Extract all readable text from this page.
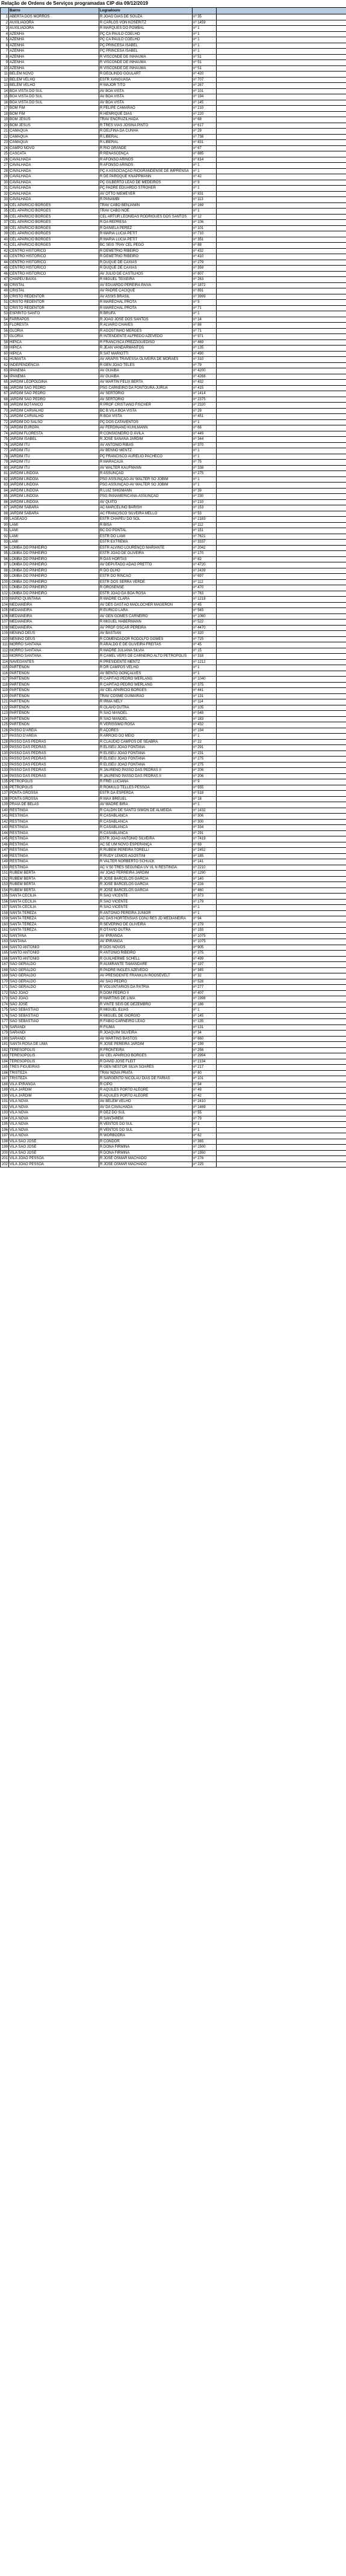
Relação de Ordens de Serviços programadas CIP dia 09/12/2019
	Bairro	Logradouro		
1	ABERTA DOS MORROS	R JOÃO DIAS DE SOUZA	nº 35	
2	AUXILIADORA	R CARLOS VON KOSERITZ	nº 1459	
3	AUXILIADORA	R MARQUES DO POMBAL	nº 1	
4	AZENHA	PÇ CA PAULO COELHO	nº 1	
5	AZENHA	PÇ CA PAULO COELHO	nº 1	
6	AZENHA	PÇ PRINCESA ISABEL	nº 1	
7	AZENHA	PÇ PRINCESA ISABEL	nº 1	
8	AZENHA	R VISCONDE DE INHAÚMA	nº 51	
9	AZENHA	R VISCONDE DE INHAÚMA	nº 51	
10	AZENHA	R VISCONDE DE INHAÚMA	nº 51	
11	BELÉM NOVO	R DEOLINDO GOULART	nº 420	
12	BELÉM VELHO	ESTR XANGUASA	nº 707	
13	BELÉM VELHO	R MAJOR TITO	nº 267	
14	BOA VISTA DO SUL	AV BOA VISTA	nº 101	
15	BOA VISTA DO SUL	AV BOA VISTA	nº 194	
16	BOA VISTA DO SUL	AV BOA VISTA	nº 145	
17	BOM FIM	R FELIPE CAMARÃO	nº 210	
18	BOM FIM	R HENRIQUE DIAS	nº 220	
19	BOM JESUS	TRAV ENCRUZILHADA	nº 68	
20	BOM JESUS	R TRES VIAS JOSINA PINTO	nº 617	
21	CAMAQUÃ	R DELFINA DA CUNHA	nº 29	
22	CAMAQUÃ	R LIBERAL	nº 738	
23	CAMAQUÃ	R LIBERAL	nº 831	
24	CAMPO NOVO	R RIO GRANDE	nº 67	
25	CASCATA	R RENASCENÇA	nº 885	
26	CAVALHADA	R AFONSO ARINOS	nº 814	
27	CAVALHADA	R AFONSO ARINOS	nº 1	
28	CAVALHADA	PÇ A ASSOCIAÇÃO RIOGRANDENSE DE IMPRENSA	nº 1	
29	CAVALHADA	R DE PAROQUE KNAPPMANN	nº 42	
30	CAVALHADA	PÇ GILBERTO LEÃO DE MEDEIROS	nº 9	
31	CAVALHADA	PÇ PADRE EDUARDO STROHER	nº 1	
32	CAVALHADA	AV OTTO NIEMEYER	nº 831	
33	CAVALHADA	R PANAMBI	nº 113	
34	CEL APARICIO BORGES	TRAV CABO BENJAMIN	nº 169	
35	CEL APARICIO BORGES	TRAV CABO NOÉ	nº 1	
36	CEL APARICIO BORGES	CEL ARTUR LEONIDAS RODRIGUES DOS SANTOS	nº 12	
37	CEL APARICIO BORGES	R DA REPRESA	nº 106	
38	CEL APARICIO BORGES	R DANIELA PEREZ	nº 101	
39	CEL APARICIO BORGES	R MARIA LUCIA PETIT	nº 710	
40	CEL APARICIO BORGES	R MARIA LUCIA PETIT	nº 351	
41	CEL APARICIO BORGES	BC SEIS TRAV CEL PEGO	nº 88	
42	CENTRO HISTÓRICO	R DEMETRIO RIBEIRO	nº 432	
43	CENTRO HISTÓRICO	R DEMETRIO RIBEIRO	nº 410	
44	CENTRO HISTÓRICO	R DUQUE DE CAXIAS	nº 279	
45	CENTRO HISTÓRICO	R DUQUE DE CAXIAS	nº 359	
46	CENTRO HISTÓRICO	AV JULIO DE CASTILHOS	nº 807	
47	CHAPÉU BAIXA	R MIGUEL TEIXEIRA	nº 263	
48	CRISTAL	AV EDUARDO PEREIRA PAIVA	nº 1872	
49	CRISTAL	AV PADRE CACIQUE	nº 891	
50	CRISTO REDENTOR	AV ASSIS BRASIL	nº 3999	
51	CRISTO REDENTOR	R MARECHAL PROTA	nº 5	
52	CRISTO REDENTOR	R MARECHAL PROTA	nº 71	
53	ESPIRITO SANTO	R BRUFA	nº 1	
54	FARRAPOS	R JOÃO JOSÉ DOS SANTOS	nº 14	
55	FLORESTA	R ALVARO CHAVES	nº 88	
56	GLÓRIA	R AGOSTINHO MERGES	nº 71	
57	GLÓRIA	R INTENDENTE ALFREDO AZEVEDO	nº 971	
58	HÍPICA	R FRANCISCA PREZZIGUEDISO	nº 469	
59	HÍPICA	R JEAN VANDARMANTOS	nº 135	
60	HÍPICA	R SAT MARIOTTI	nº 490	
61	HUMAITÁ	AV ARÁPIS TRAVESSA OLIVEIRA DE MORAES	nº 310	
62	INDEPENDÊNCIA	R GEN JOÃO TELES	nº 79	
63	IPANEMA	AV GUAÍBA	nº 4200	
64	IPANEMA	AV GUAÍBA	nº 4268	
65	JARDIM LEOPOLDINA	AV MARTIN FELIX BERTA	nº 432	
66	JARDIM SÃO PEDRO	PSG CARNEIRO DA FONTOURA-JURUA	nº 415	
67	JARDIM SÃO PEDRO	AV SERTÓRIO	nº 1414	
68	JARDIM SÃO PEDRO	AV SERTÓRIO	nº 2375	
69	JARDIM BOTÂNICO	R PROF CRISTIANO FISCHER	nº 2320	
70	JARDIM CARVALHO	BC B VILA BOA VISTA	nº 29	
71	JARDIM CARVALHO	R BOA VISTA	nº 451	
72	JARDIM DO SALSO	PÇ DOS CATAVENTOS	nº 1	
73	JARDIM EUROPA	AV FERDINAND KUHLMANN	nº 68	
74	JARDIM FLORESTA	R CONSIGNEIRO D ÁVILA	nº 449	
75	JARDIM ISABEL	R JOSÉ SANANA JARDIM	nº 344	
76	JARDIM ITU	AV ANTONIO RIBAS	nº 370	
77	JARDIM ITU	AV BENNO MENTZ	nº 1	
78	JARDIM ITU	PÇ FRANCISCO AURÉLIO PACHECO	nº 1	
79	JARDIM ITU	R MARACAJÁ	nº 75	
80	JARDIM ITU	AV WALTER KAUFMANN	nº 338	
81	JARDIM LINDÓIA	R ASSUNÇÃO	nº 275	
82	JARDIM LINDÓIA	PSG ASSUNÇÃO-AV WALTER SÓ JOBIM	nº 1	
83	JARDIM LINDÓIA	PSG ASSUNÇÃO-AV WALTER SÓ JOBIM	nº 1	
84	JARDIM LINDÓIA	R LUIZ SHIGMANN	nº 39	
85	JARDIM LINDÓIA	PSG PANAMERICANA-ASSUNÇÃO	nº 230	
86	JARDIM LINDÓIA	AV QUITO	nº 210	
87	JARDIM SABARÁ	AC MARCELINO BARISH	nº 153	
88	JARDIM SABARÁ	AC FRANCISCO SILVEIRA MELLO	nº 53	
89	LAGEADO	ESTR CHAPÉU DO SOL	nº 2183	
90	LAMI	R BISA	nº 112	
91	LAMI	BC DO PONTAL	nº 151	
92	LAMI	ESTR DO LAMI	nº 7621	
93	LAMI	ESTR EXTREMA	nº 3337	
94	LOMBA DO PINHEIRO	ESTR ALVINO LOURENÇO MARIANTE	nº 2042	
95	LOMBA DO PINHEIRO	ESTR JOÃO DE OLIVEIRA	nº 170	
96	LOMBA DO PINHEIRO	R DAS HORTAS	nº 82	
97	LOMBA DO PINHEIRO	AV DEPUTADO ADÃO PRETTO	nº 4720	
98	LOMBA DO PINHEIRO	R DO OLHO	nº 2439	
99	LOMBA DO PINHEIRO	ESTR DO RINCÃO	nº 697	
100	LOMBA DO PINHEIRO	ESTR DOS SERRA VERDE	nº 112	
101	LOMBA DO PINHEIRO	R OROSENSE	nº 470	
102	LOMBA DO PINHEIRO	ESTR JOÃO DA BOA ROSA	nº 763	
103	MARIO QUINTANA	R MADRE CLARA	nº 1218	
104	MEDIANEIRA	AV DES GASTÃO MADLOCHER MAGERON	nº 45	
105	MEDIANEIRA	R EURICO LARA	nº 545	
106	MEDIANEIRA	AV GEN GOMES CARNEIRO	nº 1060	
107	MEDIANEIRA	R MIGUEL HABERMANN	nº 522	
108	MEDIANEIRA	AV PROF OSCAR PEREIRA	nº 4470	
109	MENINO DEUS	AV BASTIAN	nº 320	
110	MENINO DEUS	R COMENDADOR RODOLFO GOMES	nº 725	
111	MORRO SANTANA	R ARALDO E DE OLIVEIRA FREITAS	nº 45	
112	MORRO SANTANA	R MADRE JULIANA SILVIA	nº 15	
113	MORRO SANTANA	R CAMEL VERS DE CARNEIRO ALTO PETRÓPOLIS	nº 318	
114	NAVEGANTES	R PRESIDENTE MENTZ	nº 1212	
115	PARTENON	R DR CAMPOS VELHO	nº 1	
116	PARTENON	AV BENTO GONÇALVES	nº 1	
117	PARTENON	R CAPITÃO PEDRO WERLANG	nº 1040	
118	PARTENON	R CAPITÃO PEDRO WERLANG	nº 375	
119	PARTENON	AV CEL APARICIO BORGES	nº 441	
120	PARTENON	TRAV COSME GUIMARÃO	nº 131	
121	PARTENON	R IRMÃ NELY	nº 114	
122	PARTENON	R OLAVO DUTRA	nº 105	
123	PARTENON	R SÃO MANOEL	nº 548	
124	PARTENON	R SÃO MANOEL	nº 183	
125	PARTENON	R VERISSIMO ROSA	nº 432	
126	PASSO D'AREIA	R AÇORES	nº 194	
127	PASSO D'AREIA	R ARROIO DO MEIO	nº 1	
128	PASSO DAS PEDRAS	R CLÁUDIO CAMPOS DE SEABRA	nº 22	
129	PASSO DAS PEDRAS	R ELISEU JOÃO FONTANA	nº 291	
130	PASSO DAS PEDRAS	R ELISEU JOÃO FONTANA	nº 231	
131	PASSO DAS PEDRAS	R ELISEU JOÃO FONTANA	nº 275	
132	PASSO DAS PEDRAS	R ELISEU JOÃO FONTANA	nº 275	
133	PASSO DAS PEDRAS	R JAURENO PASSO DAS PEDRAS II	nº 206	
134	PASSO DAS PEDRAS	R JAURENO PASSO DAS PEDRAS II	nº 206	
135	PETRÓPOLIS	R FREI LUCIANA	nº 9	
136	PETRÓPOLIS	R ROMULO TELLES PESSOA	nº 555	
137	PONTA GROSSA	ESTR DA ESPERDA	nº 518	
138	PONTA GROSSA	R MAX BREUEL	nº 18	
139	PRAIA DE BELAS	AV MADRE BIRA	nº 1	
140	RESTINGA	R CALDIN DE SANTO SIMON DE ALMEIDA	nº 1432	
141	RESTINGA	R CASABLANCA	nº 306	
142	RESTINGA	R CASABLANCA	nº 300	
143	RESTINGA	R CASABLANCA	nº 334	
144	RESTINGA	R CASABLANCA	nº 291	
145	RESTINGA	ESTR JOÃO ANTONIO SILVEIRA	nº 7419	
146	RESTINGA	AC 5E UM NOVO ESPERANÇA	nº 69	
147	RESTINGA	R RUBEM PEREIRA TORELLI	nº 2452	
148	RESTINGA	R RUDY LEMOS AGOSTINI	nº 185	
149	RESTINGA	R VALTER NORBERTO SCHUCK	nº 141	
150	RESTINGA	AC V 50 TRES SEGUNDA UV VL N RESTINGA	nº 2210	
151	RUBEM BERTA	AV JOÃO FERREIRA JARDIM	nº 1290	
152	RUBEM BERTA	R JOSÉ BARCELOS GARCIA	nº 140	
153	RUBEM BERTA	R JOSÉ BARCELOS GARCIA	nº 226	
154	RUBEM BERTA	R JOSÉ BARCELOS GARCIA	nº 460	
155	SANTA CECÍLIA	R SÃO VICENTE	nº 373	
156	SANTA CECÍLIA	R SÃO VICENTE	nº 179	
157	SANTA CECÍLIA	R SÃO VICENTE	nº 1	
158	SANTA TEREZA	R ANTÔNIO PEREIRA JÚNIOR	nº 1	
159	SANTA TEREZA	AC DAS HORTÊNSIAS CONJ RES JD MEDIANEIRA	nº 94	
160	SANTA TEREZA	R SEVERINO DE OLIVEIRA	nº 279	
161	SANTA TEREZA	R OTÁVIO DUTRA	nº 193	
162	SANTANA	AV IPIRANGA	nº 1075	
163	SANTANA	AV IPIRANGA	nº 1075	
164	SANTO ANTÔNIO	R DOS NOVOS	nº 905	
165	SANTO ANTÔNIO	R ANTÔNIO RIBEIRO	nº 375	
166	SANTO ANTÔNIO	R GUILHERME SCHELL	nº 499	
167	SÃO GERALDO	R ALMIRANTE TAMANDARÉ	nº 197	
168	SÃO GERALDO	R PADRE INGLÊS AZEVEDO	nº 345	
169	SÃO GERALDO	AV PRESIDENTE FRANKLIN ROOSEVELT	nº 32	
170	SÃO GERALDO	AV SÃO PEDRO	nº 528	
171	SÃO GERALDO	R VOLUNTÁRIOS DA PÁTRIA	nº 277	
172	SÃO JOÃO	R DOM PEDRO II	nº 407	
173	SÃO JOÃO	R MARTINS DE LIMA	nº 1998	
174	SÃO JOSÉ	R VINTE SEIS DE DEZEMBRO	nº 186	
175	SÃO SEBASTIÃO	R MIGUEL ELIAS	nº 1	
176	SÃO SEBASTIÃO	R MIGUEL DE GIORGIO	nº 145	
177	SÃO SEBASTIÃO	R FÁBIO CARNEIRO LEÃO	nº 135	
178	SARANDI	R FIUMA	nº 131	
179	SARANDI	R JOAQUIM SILVEIRA	nº 34	
180	SARANDI	AV MARTINS BASTOS	nº 660	
181	SANTA ROSA DE LIMA	R JOSE PEREIRA JARDIM	nº 199	
182	TERESÓPOLIS	R FRONTEIRA	nº 256	
183	TERESÓPOLIS	AV CEL APARÍCIO BORGES	nº 2994	
184	TERESÓPOLIS	R DAVID JOSÉ FLEIT	nº 2134	
185	TRÊS FIGUEIRAS	R GEN NESTOR SILVA SOARES	nº 217	
186	TRISTEZA	TRAV NOVA PRATA	nº 80	
187	TRISTEZA	R SARGENTO NICOLAU DIAS DE FARIAS	nº 101	
188	VILA IPIRANGA	R CIPÓ	nº 54	
189	VILA JARDIM	R AQUILES PORTO ALEGRE	nº 49	
190	VILA JARDIM	R AQUILES PORTO ALEGRE	nº 42	
191	VILA NOVA	AV BELÉM VELHO	nº 2410	
192	VILA NOVA	AV DA CAVALHADA	nº 1469	
193	VILA NOVA	R DEZ DO SUL	nº 55	
194	VILA NOVA	R SANTARÉM	nº 79	
195	VILA NOVA	R VENTOS DO SUL	nº 1	
196	VILA NOVA	R VENTOS DO SUL	nº 1	
197	VILA NOVA	R WORBODRA	nº 62	
198	VILA SÃO JOSÉ	R CONDOR	nº 365	
199	VILA SÃO JOSÉ	R DONA FIRMINA	nº 1500	
200	VILA SÃO JOSÉ	R DONA FIRMINA	nº 1550	
201	VILA JOÃO PESSOA	R JOSÉ OSMAR MACHADO	nº 276	
202	VILA JOÃO PESSOA	R JOSÉ OSMAR MACHADO	nº 225	
